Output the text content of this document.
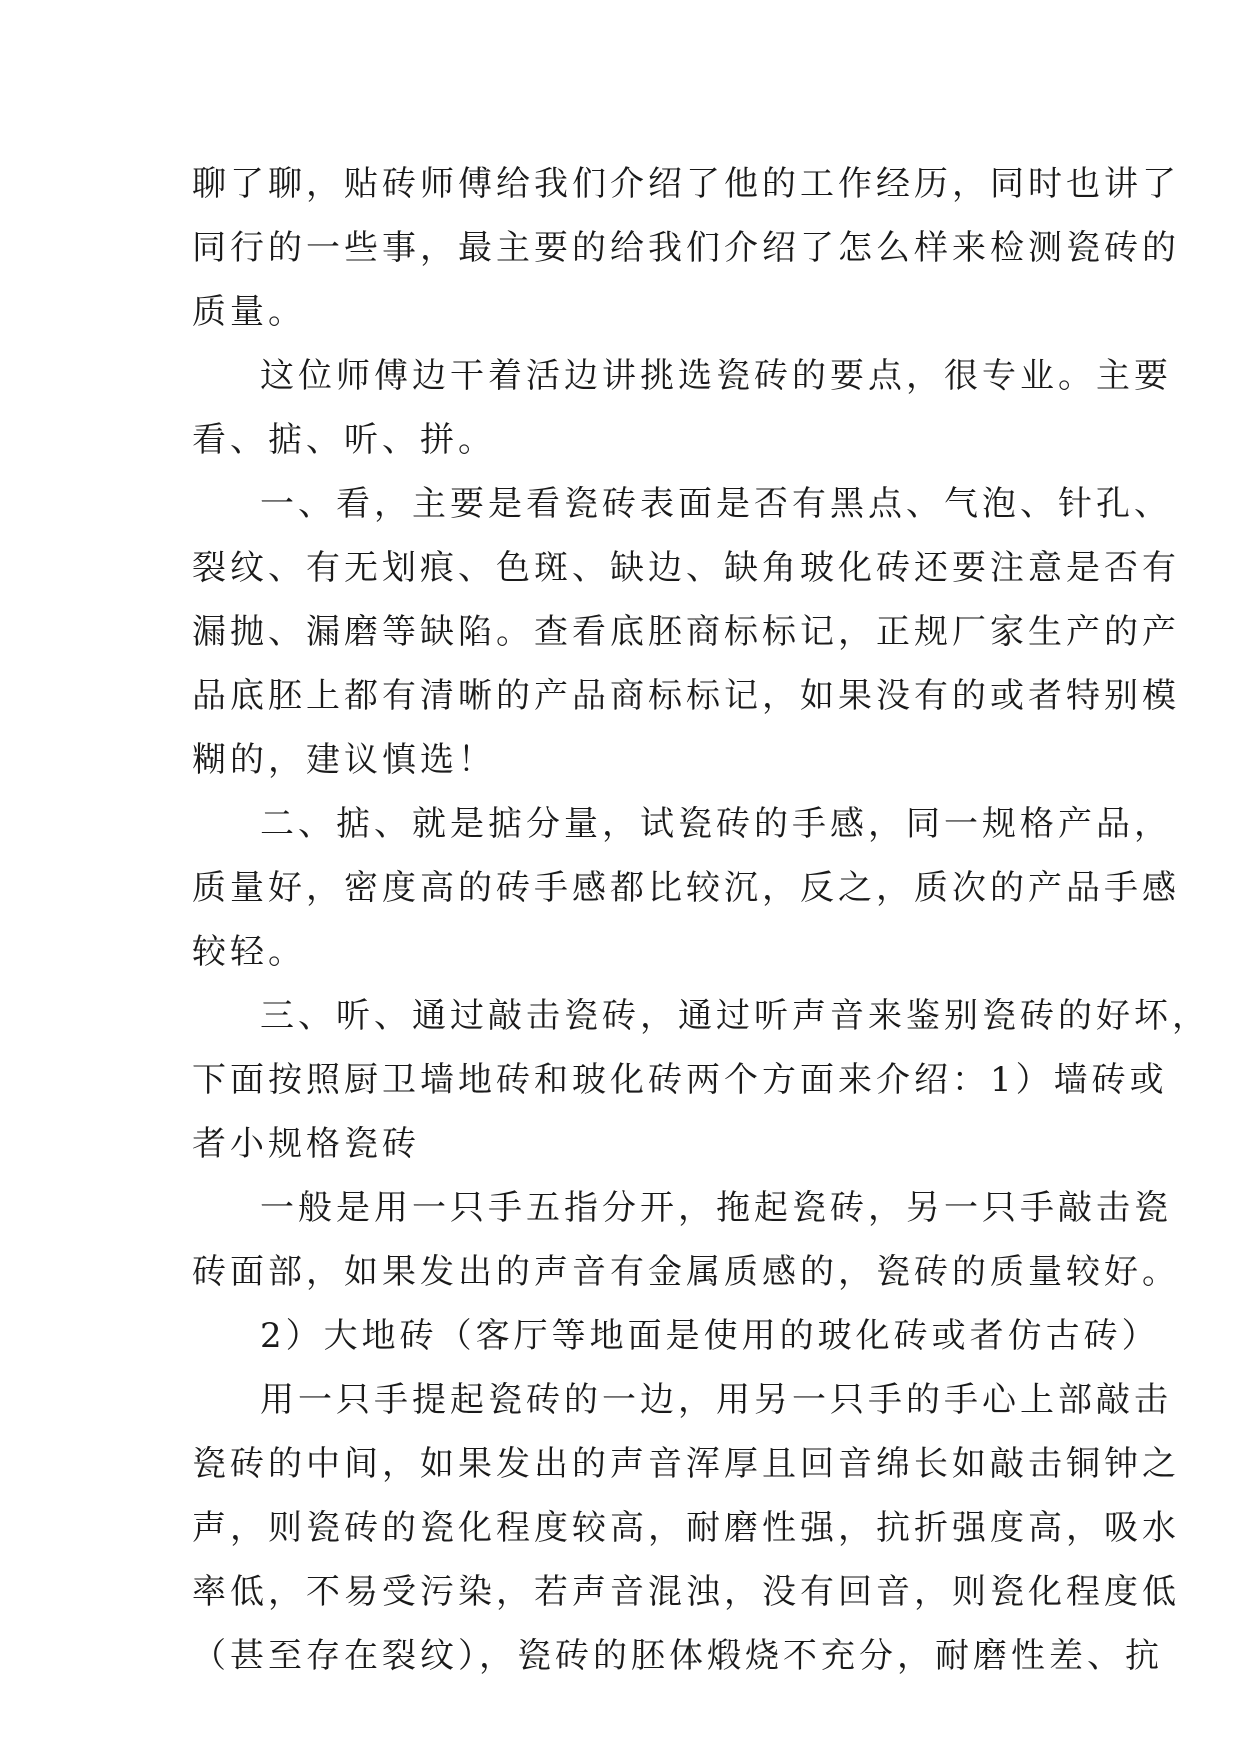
聊了聊，贴砖师傅给我们介绍了他的工作经历，同时也讲了
同行的一些事，最主要的给我们介绍了怎么样来检测瓷砖的
质量。
这位师傅边干着活边讲挑选瓷砖的要点，很专业。主要
看、掂、听、拼。
一、看，主要是看瓷砖表面是否有黑点、气泡、针孔、
裂纹、有无划痕、色斑、缺边、缺角玻化砖还要注意是否有
漏抛、漏磨等缺陷。查看底胚商标标记，正规厂家生产的产
品底胚上都有清晰的产品商标标记，如果没有的或者特别模
糊的，建议慎选！
二、掂、就是掂分量，试瓷砖的手感，同一规格产品，
质量好，密度高的砖手感都比较沉，反之，质次的产品手感
较轻。
三、听、通过敲击瓷砖，通过听声音来鉴别瓷砖的好坏，
下面按照厨卫墙地砖和玻化砖两个方面来介绍：1）墙砖或
者小规格瓷砖
一般是用一只手五指分开，拖起瓷砖，另一只手敲击瓷
砖面部，如果发出的声音有金属质感的，瓷砖的质量较好。
2）大地砖（客厅等地面是使用的玻化砖或者仿古砖）
用一只手提起瓷砖的一边，用另一只手的手心上部敲击
瓷砖的中间，如果发出的声音浑厚且回音绵长如敲击铜钟之
声，则瓷砖的瓷化程度较高，耐磨性强，抗折强度高，吸水
率低，不易受污染，若声音混浊，没有回音，则瓷化程度低
（甚至存在裂纹），瓷砖的胚体煅烧不充分，耐磨性差、抗
